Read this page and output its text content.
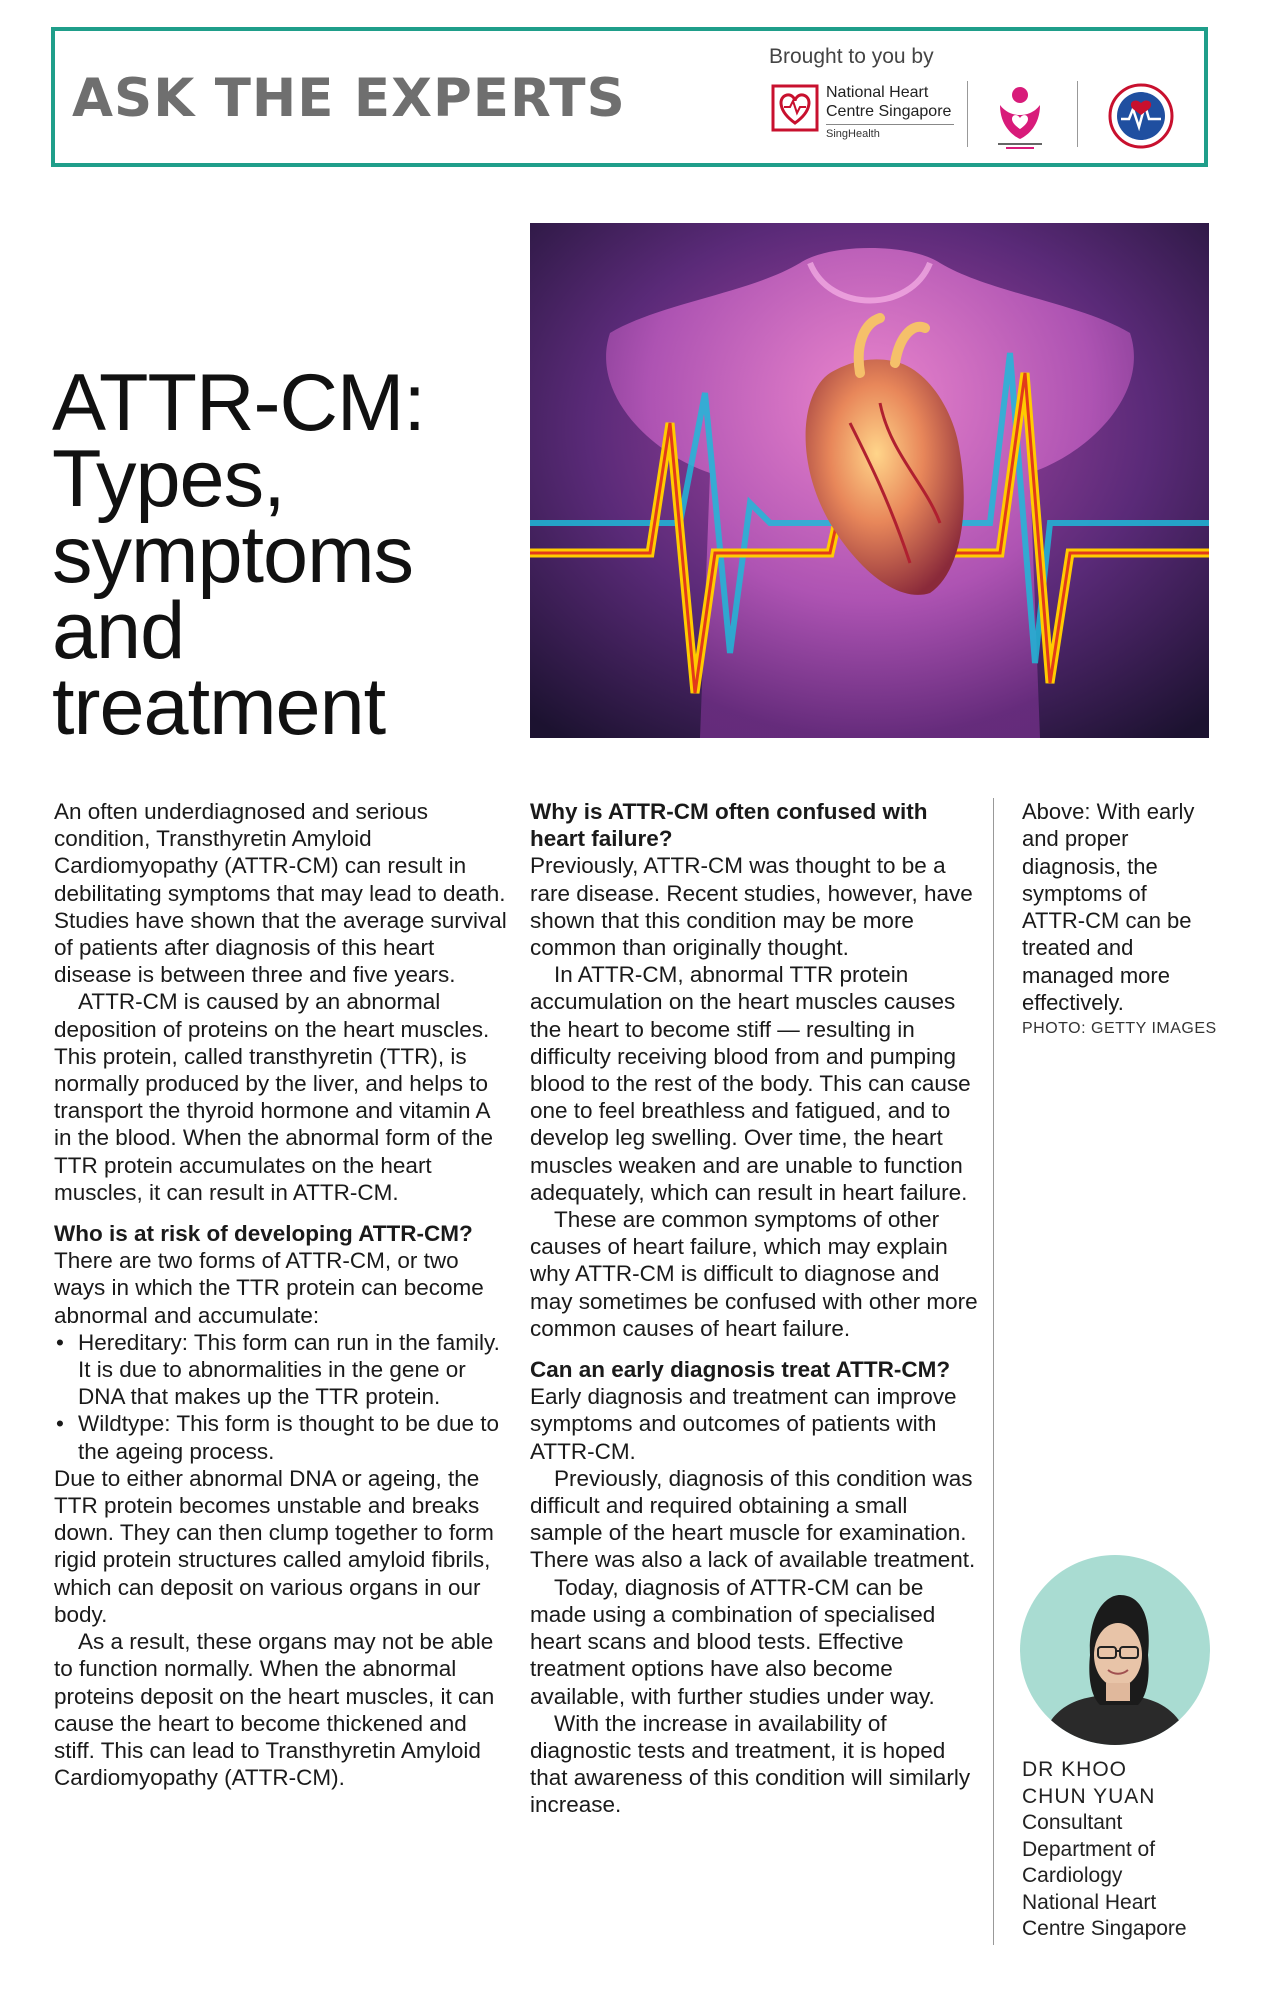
ASK THE EXPERTS
Brought to you by
National Heart
Centre Singapore
SingHealth
ATTR-CM:
Types,
symptoms
and
treatment

An often underdiagnosed and serious condition, Transthyretin Amyloid Cardiomyopathy (ATTR-CM) can result in debilitating symptoms that may lead to death. Studies have shown that the average survival of patients after diagnosis of this heart disease is between three and five years.

ATTR-CM is caused by an abnormal deposition of proteins on the heart muscles. This protein, called transthyretin (TTR), is normally produced by the liver, and helps to transport the thyroid hormone and vitamin A in the blood. When the abnormal form of the TTR protein accumulates on the heart muscles, it can result in ATTR-CM.

Who is at risk of developing ATTR-CM?

There are two forms of ATTR-CM, or two ways in which the TTR protein can become abnormal and accumulate:

• Hereditary: This form can run in the family. It is due to abnormalities in the gene or DNA that makes up the TTR protein.
• Wildtype: This form is thought to be due to the ageing process.

Due to either abnormal DNA or ageing, the TTR protein becomes unstable and breaks down. They can then clump together to form rigid protein structures called amyloid fibrils, which can deposit on various organs in our body.

As a result, these organs may not be able to function normally. When the abnormal proteins deposit on the heart muscles, it can cause the heart to become thickened and stiff. This can lead to Transthyretin Amyloid Cardiomyopathy (ATTR-CM).

Why is ATTR-CM often confused with heart failure?

Previously, ATTR-CM was thought to be a rare disease. Recent studies, however, have shown that this condition may be more common than originally thought.

In ATTR-CM, abnormal TTR protein accumulation on the heart muscles causes the heart to become stiff — resulting in difficulty receiving blood from and pumping blood to the rest of the body. This can cause one to feel breathless and fatigued, and to develop leg swelling. Over time, the heart muscles weaken and are unable to function adequately, which can result in heart failure.

These are common symptoms of other causes of heart failure, which may explain why ATTR-CM is difficult to diagnose and may sometimes be confused with other more common causes of heart failure.

Can an early diagnosis treat ATTR-CM?

Early diagnosis and treatment can improve symptoms and outcomes of patients with ATTR-CM.

Previously, diagnosis of this condition was difficult and required obtaining a small sample of the heart muscle for examination. There was also a lack of available treatment.

Today, diagnosis of ATTR-CM can be made using a combination of specialised heart scans and blood tests. Effective treatment options have also become available, with further studies under way.

With the increase in availability of diagnostic tests and treatment, it is hoped that awareness of this condition will similarly increase.

Above: With early and proper diagnosis, the symptoms of ATTR-CM can be treated and managed more effectively.
PHOTO: GETTY IMAGES
DR KHOO
CHUN YUAN
Consultant
Department of Cardiology
National Heart Centre Singapore
